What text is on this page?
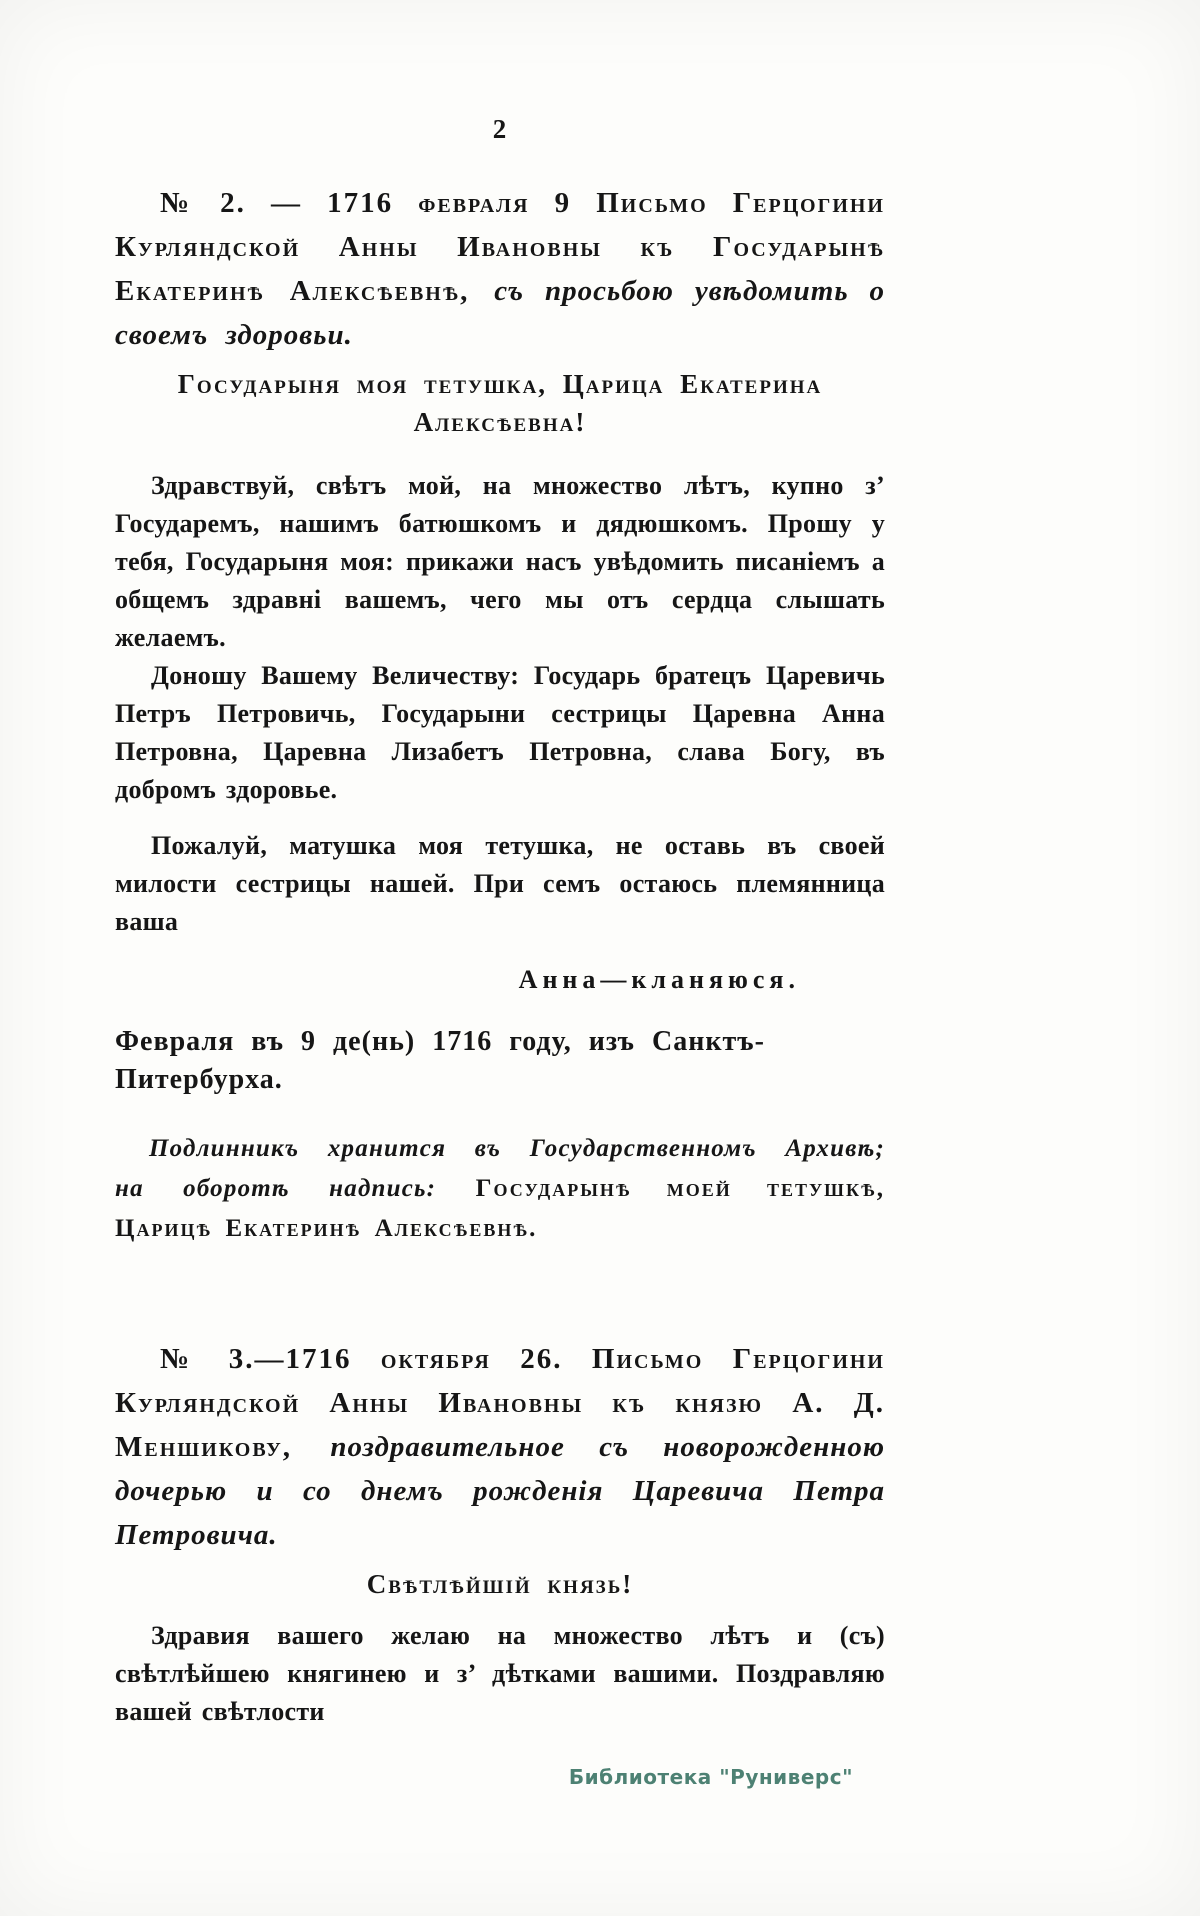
2

№ 2. — 1716 февраля 9 Письмо Герцогини Курляндской Анны Ивановны къ Государынѣ Екатеринѣ Алексѣевнѣ, съ просьбою увѣдомить о своемъ здоровьи.

Государыня моя тетушка, Царица Екатерина Алексѣевна!

Здравствуй, свѣтъ мой, на множество лѣтъ, купно з’ Государемъ, нашимъ батюшкомъ и дядюшкомъ. Прошу у тебя, Государыня моя: прикажи насъ увѣдомить писаніемъ а общемъ здравні вашемъ, чего мы отъ сердца слышать желаемъ.

Доношу Вашему Величеству: Государь братецъ Царевичь Петръ Петровичь, Государыни сестрицы Царевна Анна Петровна, Царевна Лизабетъ Петровна, слава Богу, въ добромъ здоровье.

Пожалуй, матушка моя тетушка, не оставь въ своей милости сестрицы нашей. При семъ остаюсь племянница ваша

Анна—кланяюся.

Февраля въ 9 де(нь) 1716 году, изъ Санктъ-Питербурха.

Подлинникъ хранится въ Государственномъ Архивѣ; на оборотѣ надпись: Государынѣ моей тетушкѣ, Царицѣ Екатеринѣ Алексѣевнѣ.

№ 3.—1716 октября 26. Письмо Герцогини Курляндской Анны Ивановны къ князю А. Д. Меншикову, поздравительное съ новорожденною дочерью и со днемъ рожденія Царевича Петра Петровича.

Свѣтлѣйшій князь!

Здравия вашего желаю на множество лѣтъ и (съ) свѣтлѣйшею княгинею и з’ дѣтками вашими. Поздравляю вашей свѣтлости

Библиотека "Руниверс"
